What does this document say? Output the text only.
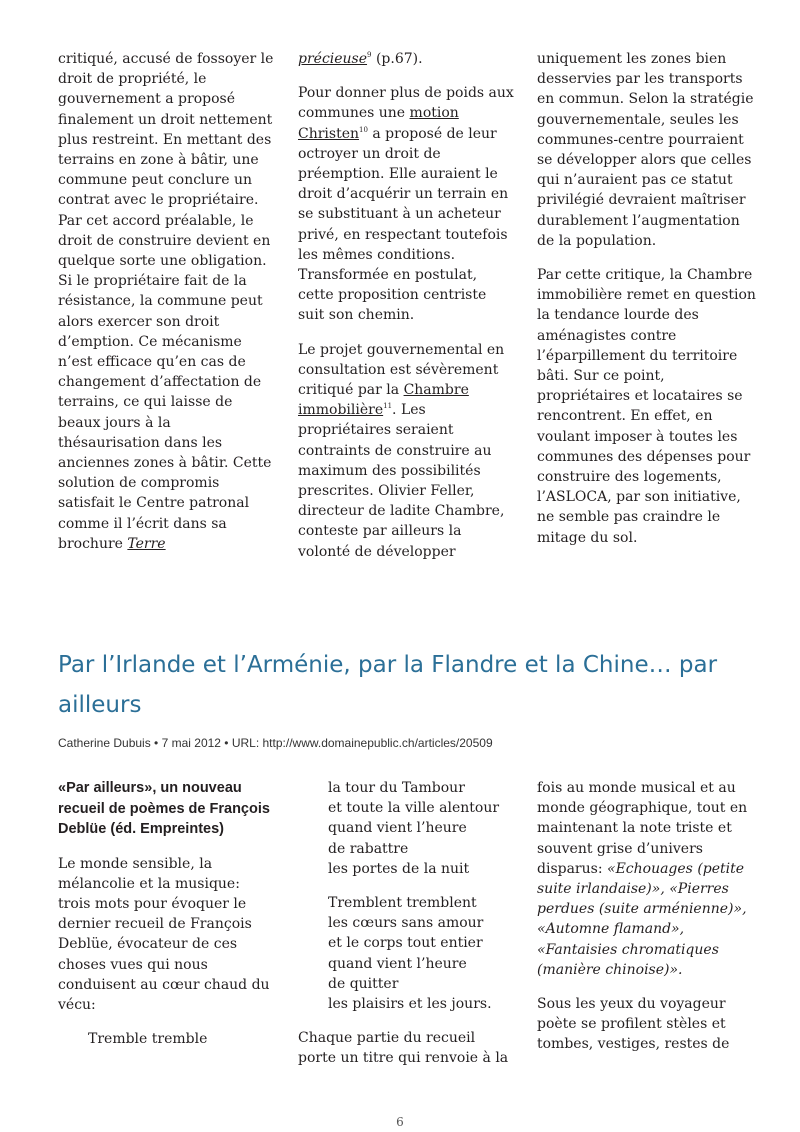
critiqué, accusé de fossoyer le droit de propriété, le gouvernement a proposé finalement un droit nettement plus restreint. En mettant des terrains en zone à bâtir, une commune peut conclure un contrat avec le propriétaire. Par cet accord préalable, le droit de construire devient en quelque sorte une obligation. Si le propriétaire fait de la résistance, la commune peut alors exercer son droit d’emption. Ce mécanisme n’est efficace qu’en cas de changement d’affectation de terrains, ce qui laisse de beaux jours à la thésaurisation dans les anciennes zones à bâtir. Cette solution de compromis satisfait le Centre patronal comme il l’écrit dans sa brochure Terre

précieuse$^9$ (p.67).

Pour donner plus de poids aux communes une motion Christen$^{10}$ a proposé de leur octroyer un droit de préemption. Elle auraient le droit d’acquérir un terrain en se substituant à un acheteur privé, en respectant toutefois les mêmes conditions. Transformée en postulat, cette proposition centriste suit son chemin.

Le projet gouvernemental en consultation est sévèrement critiqué par la Chambre immobilière$^{11}$. Les propriétaires seraient contraints de construire au maximum des possibilités prescrites. Olivier Feller, directeur de ladite Chambre, conteste par ailleurs la volonté de développer

uniquement les zones bien desservies par les transports en commun. Selon la stratégie gouvernementale, seules les communes-centre pourraient se développer alors que celles qui n’auraient pas ce statut privilégié devraient maîtriser durablement l’augmentation de la population.

Par cette critique, la Chambre immobilière remet en question la tendance lourde des aménagistes contre l’éparpillement du territoire bâti. Sur ce point, propriétaires et locataires se rencontrent. En effet, en voulant imposer à toutes les communes des dépenses pour construire des logements, l’ASLOCA, par son initiative, ne semble pas craindre le mitage du sol.

Par l’Irlande et l’Arménie, par la Flandre et la Chine… par ailleurs
Catherine Dubuis • 7 mai 2012 • URL: http://www.domainepublic.ch/articles/20509

«Par ailleurs», un nouveau recueil de poèmes de François Deblüe (éd. Empreintes)

Le monde sensible, la mélancolie et la musique: trois mots pour évoquer le dernier recueil de François Deblüe, évocateur de ces choses vues qui nous conduisent au cœur chaud du vécu:

Tremble tremble

la tour du Tambour
et toute la ville alentour
quand vient l’heure
de rabattre
les portes de la nuit

Tremblent tremblent
les cœurs sans amour
et le corps tout entier
quand vient l’heure
de quitter
les plaisirs et les jours.

Chaque partie du recueil porte un titre qui renvoie à la

fois au monde musical et au monde géographique, tout en maintenant la note triste et souvent grise d’univers disparus: «Echouages (petite suite irlandaise)», «Pierres perdues (suite arménienne)», «Automne flamand», «Fantaisies chromatiques (manière chinoise)».

Sous les yeux du voyageur poète se profilent stèles et tombes, vestiges, restes de

6
